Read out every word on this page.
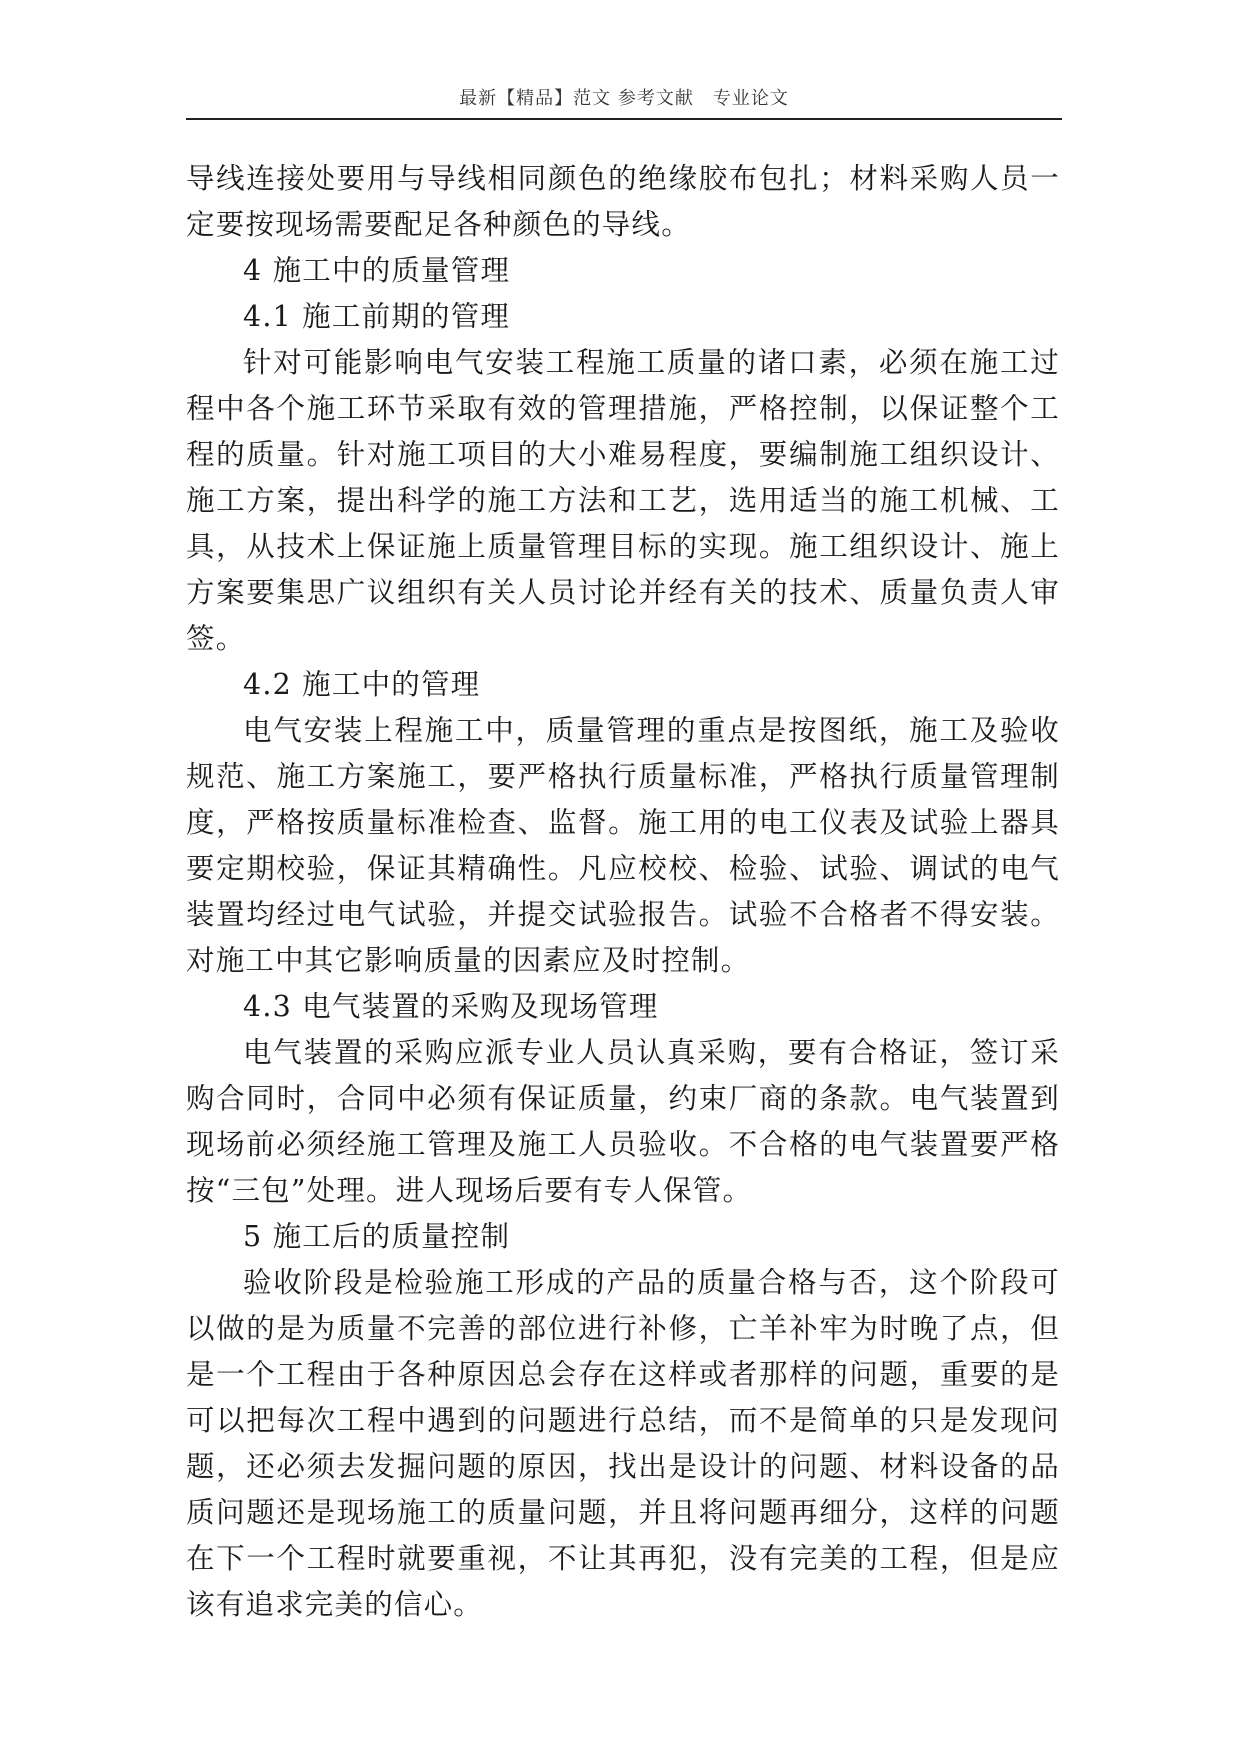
最新【精品】范文 参考文献　专业论文

导线连接处要用与导线相同颜色的绝缘胶布包扎；材料采购人员一定要按现场需要配足各种颜色的导线。

4 施工中的质量管理

4.1 施工前期的管理

针对可能影响电气安装工程施工质量的诸口素，必须在施工过程中各个施工环节采取有效的管理措施，严格控制，以保证整个工程的质量。针对施工项目的大小难易程度，要编制施工组织设计、施工方案，提出科学的施工方法和工艺，选用适当的施工机械、工具，从技术上保证施上质量管理目标的实现。施工组织设计、施上方案要集思广议组织有关人员讨论并经有关的技术、质量负责人审签。

4.2 施工中的管理

电气安装上程施工中，质量管理的重点是按图纸，施工及验收规范、施工方案施工，要严格执行质量标准，严格执行质量管理制度，严格按质量标准检查、监督。施工用的电工仪表及试验上器具要定期校验，保证其精确性。凡应校校、检验、试验、调试的电气装置均经过电气试验，并提交试验报告。试验不合格者不得安装。对施工中其它影响质量的因素应及时控制。

4.3 电气装置的采购及现场管理

电气装置的采购应派专业人员认真采购，要有合格证，签订采购合同时，合同中必须有保证质量，约束厂商的条款。电气装置到现场前必须经施工管理及施工人员验收。不合格的电气装置要严格按“三包”处理。进人现场后要有专人保管。

5 施工后的质量控制

验收阶段是检验施工形成的产品的质量合格与否，这个阶段可以做的是为质量不完善的部位进行补修，亡羊补牢为时晚了点，但是一个工程由于各种原因总会存在这样或者那样的问题，重要的是可以把每次工程中遇到的问题进行总结，而不是简单的只是发现问题，还必须去发掘问题的原因，找出是设计的问题、材料设备的品质问题还是现场施工的质量问题，并且将问题再细分，这样的问题在下一个工程时就要重视，不让其再犯，没有完美的工程，但是应该有追求完美的信心。
